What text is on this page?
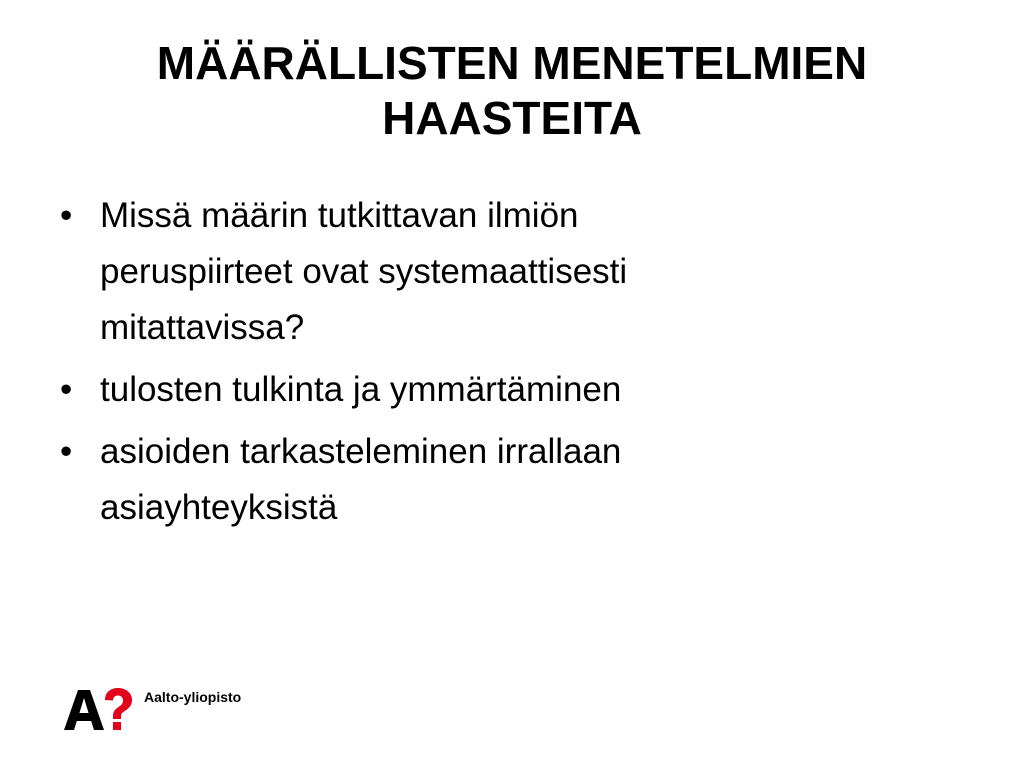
MÄÄRÄLLISTEN MENETELMIEN
HAASTEITA
• Missä määrin tutkittavan ilmiön
peruspiirteet ovat systemaattisesti
mitattavissa?
• tulosten tulkinta ja ymmärtäminen
• asioiden tarkasteleminen irrallaan
asiayhteyksistä
Aalto-yliopisto
